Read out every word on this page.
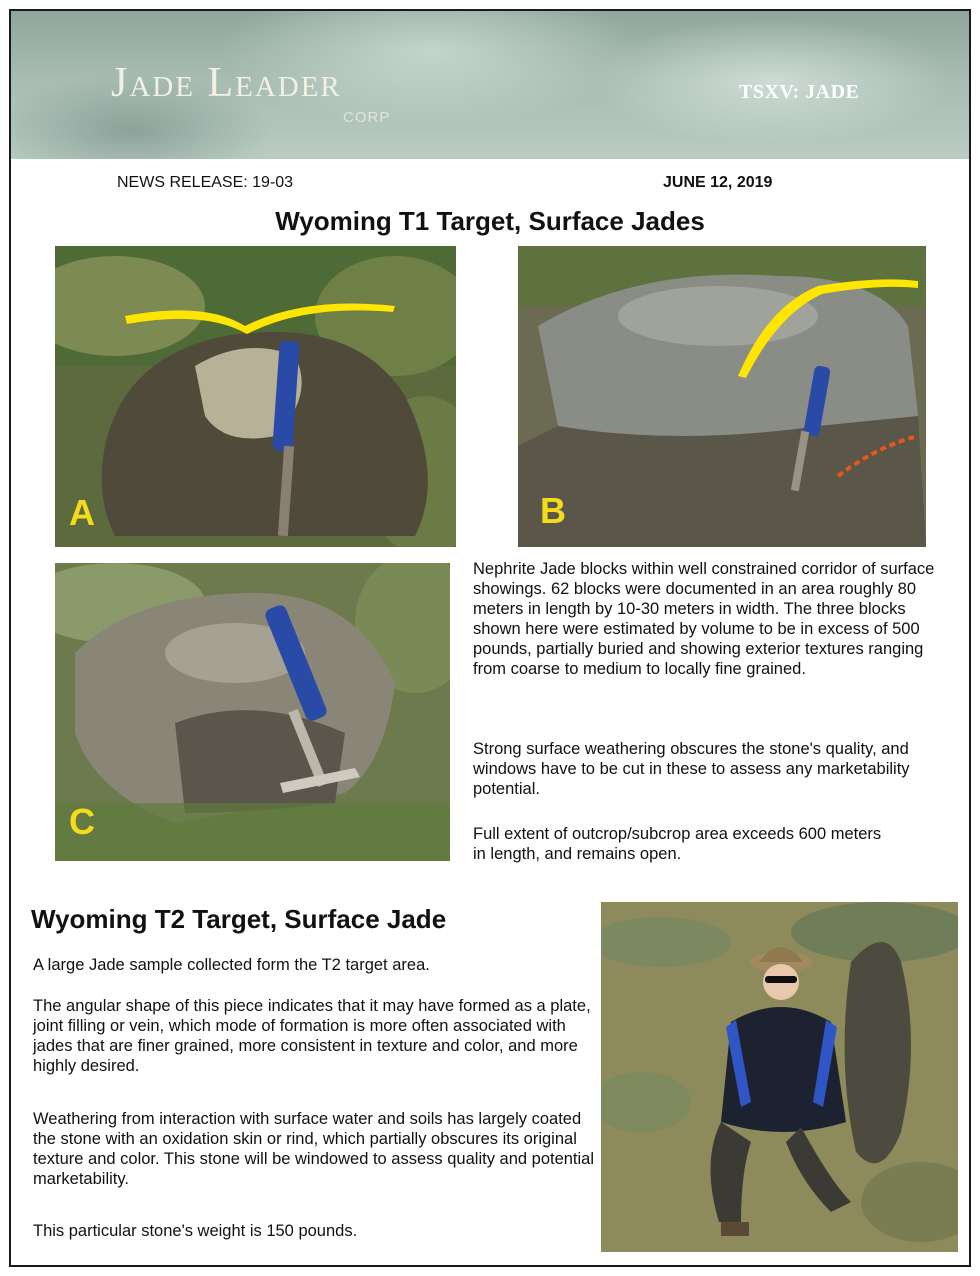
Jade Leader
CORP
TSXV: JADE
NEWS RELEASE: 19-03	JUNE 12, 2019
Wyoming T1 Target, Surface Jades
A	B
C
Nephrite Jade blocks within well constrained corridor of surface showings. 62 blocks were documented in an area roughly 80 meters in length by 10-30 meters in width. The three blocks shown here were estimated by volume to be in excess of 500 pounds, partially buried and showing exterior textures ranging from coarse to medium to locally fine grained.
Strong surface weathering obscures the stone's quality, and windows have to be cut in these to assess any marketability potential.
Full extent of outcrop/subcrop area exceeds 600 meters in length, and remains open.
Wyoming T2 Target, Surface Jade
A large Jade sample collected form the T2 target area.
The angular shape of this piece indicates that it may have formed as a plate, joint filling or vein, which mode of formation is more often associated with jades that are finer grained, more consistent in texture and color, and more highly desired.
Weathering from interaction with surface water and soils has largely coated the stone with an oxidation skin or rind, which partially obscures its original texture and color. This stone will be windowed to assess quality and potential marketability.
This particular stone's weight is 150 pounds.
